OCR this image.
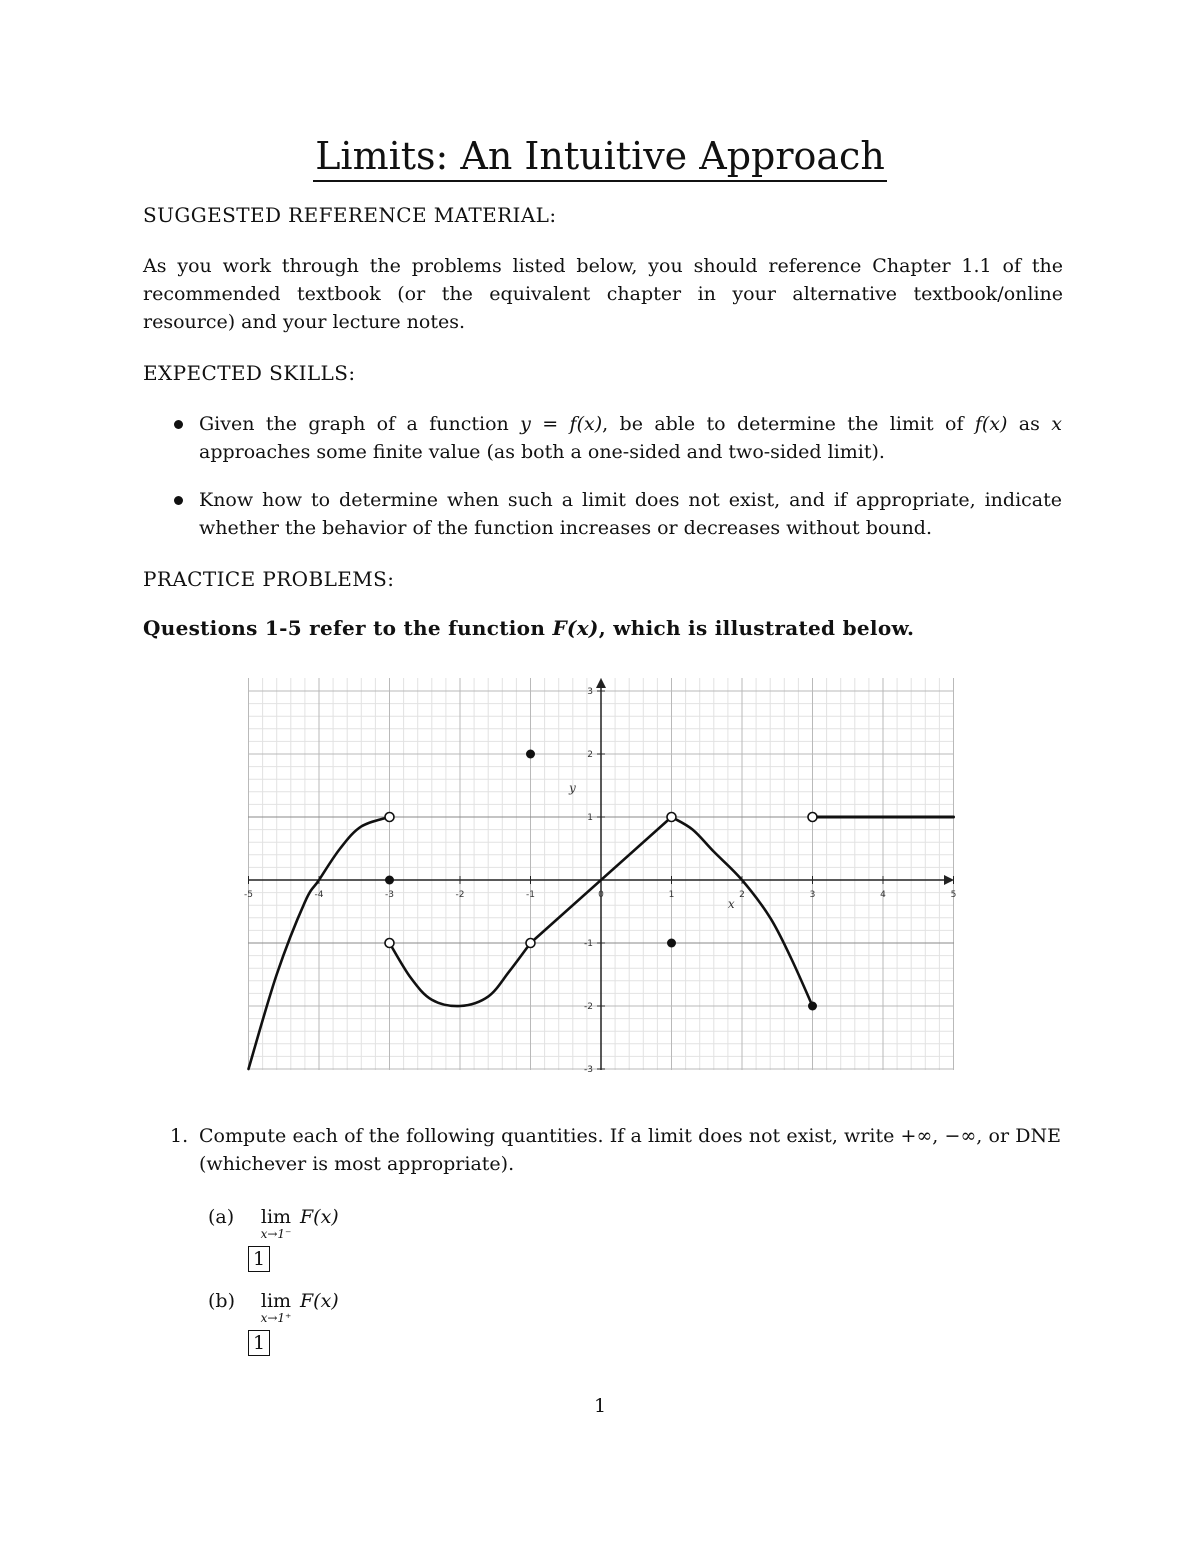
Limits: An Intuitive Approach
SUGGESTED REFERENCE MATERIAL:
As you work through the problems listed below, you should reference Chapter 1.1 of the recommended textbook (or the equivalent chapter in your alternative textbook/online resource) and your lecture notes.
EXPECTED SKILLS:
Given the graph of a function y = f(x), be able to determine the limit of f(x) as x approaches some finite value (as both a one-sided and two-sided limit).
Know how to determine when such a limit does not exist, and if appropriate, indicate whether the behavior of the function increases or decreases without bound.
PRACTICE PROBLEMS:
Questions 1-5 refer to the function F(x), which is illustrated below.
-5	-4	-3	-2	-1	0	1	2	3	4	5
-3
-2
-1
1
2
3
x
y
1. Compute each of the following quantities. If a limit does not exist, write +∞, −∞, or DNE (whichever is most appropriate).
(a) lim
x→1⁻
F(x)
1
(b) lim
x→1⁺
F(x)
1
1
